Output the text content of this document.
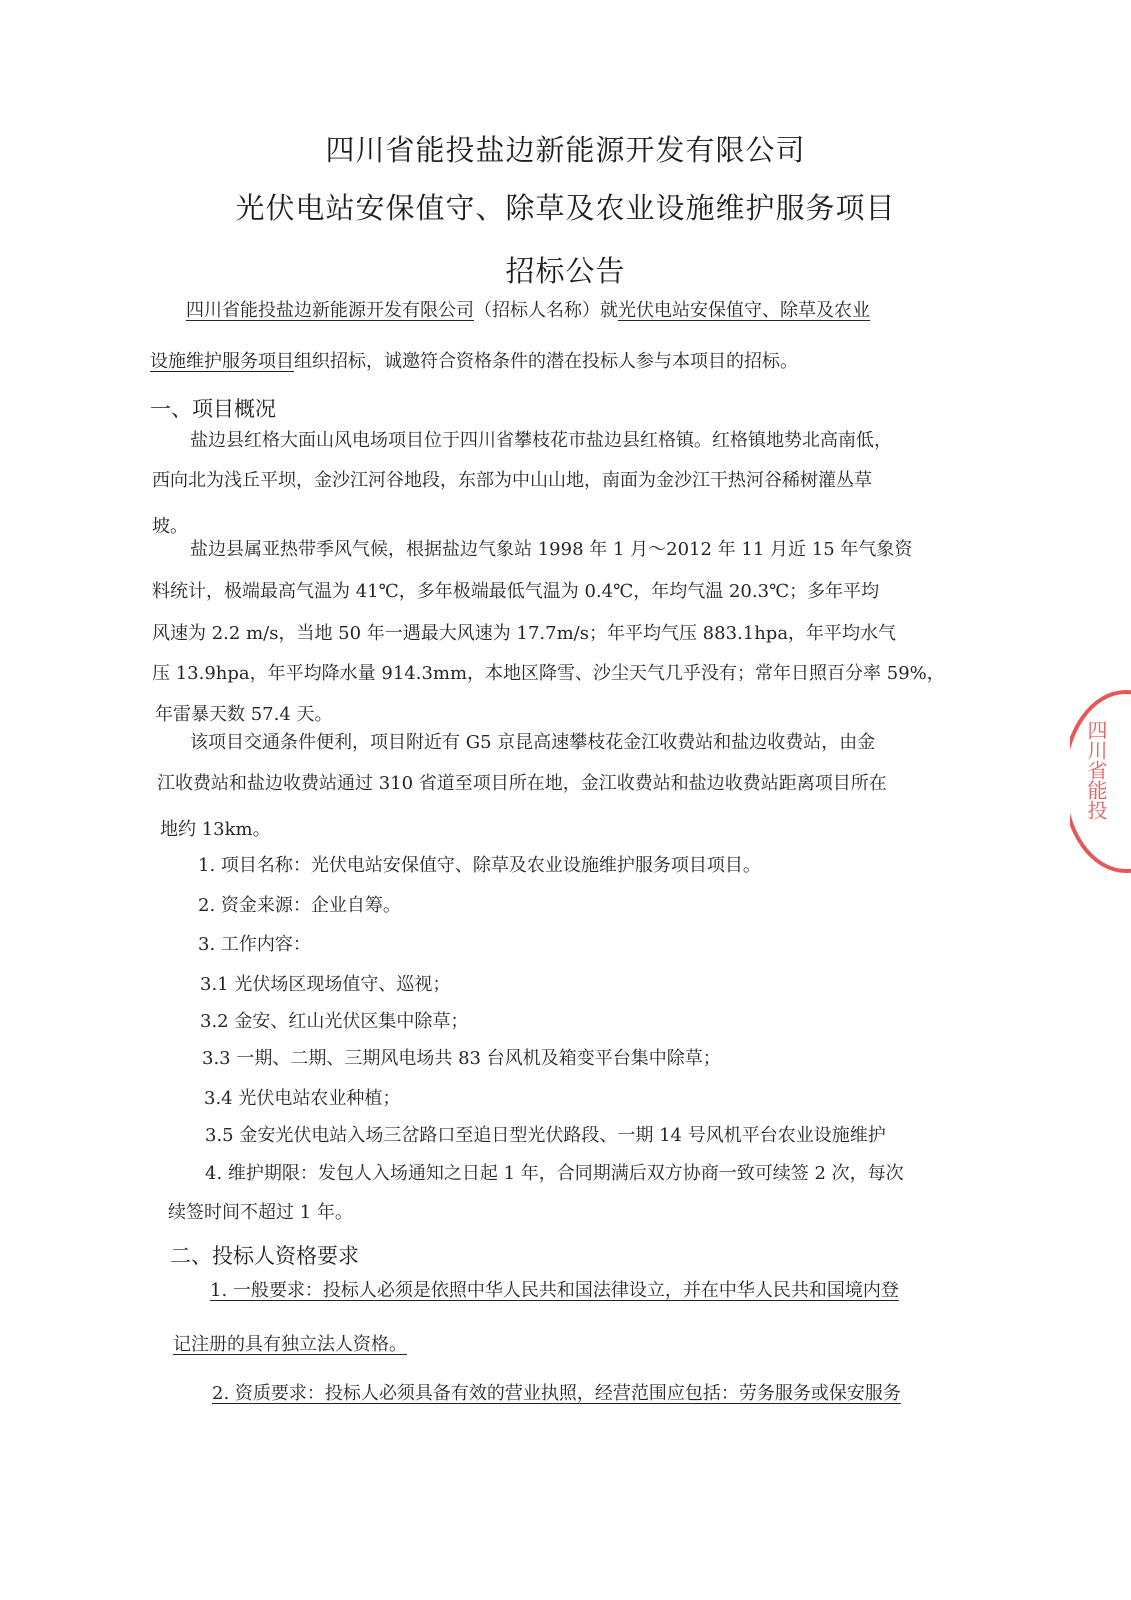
四川省能投盐边新能源开发有限公司
光伏电站安保值守、除草及农业设施维护服务项目
招标公告
四川省能投盐边新能源开发有限公司（招标人名称）就光伏电站安保值守、除草及农业
设施维护服务项目组织招标，诚邀符合资格条件的潜在投标人参与本项目的招标。
一、项目概况
盐边县红格大面山风电场项目位于四川省攀枝花市盐边县红格镇。红格镇地势北高南低，
西向北为浅丘平坝，金沙江河谷地段，东部为中山山地，南面为金沙江干热河谷稀树灌丛草
坡。
盐边县属亚热带季风气候，根据盐边气象站 1998 年 1 月～2012 年 11 月近 15 年气象资
料统计，极端最高气温为 41℃，多年极端最低气温为 0.4℃，年均气温 20.3℃；多年平均
风速为 2.2 m/s，当地 50 年一遇最大风速为 17.7m/s；年平均气压 883.1hpa，年平均水气
压 13.9hpa，年平均降水量 914.3mm，本地区降雪、沙尘天气几乎没有；常年日照百分率 59%，
年雷暴天数 57.4 天。
该项目交通条件便利，项目附近有 G5 京昆高速攀枝花金江收费站和盐边收费站，由金
江收费站和盐边收费站通过 310 省道至项目所在地，金江收费站和盐边收费站距离项目所在
地约 13km。
1. 项目名称：光伏电站安保值守、除草及农业设施维护服务项目项目。
2. 资金来源：企业自筹。
3. 工作内容：
3.1 光伏场区现场值守、巡视；
3.2 金安、红山光伏区集中除草；
3.3 一期、二期、三期风电场共 83 台风机及箱变平台集中除草；
3.4 光伏电站农业种植；
3.5 金安光伏电站入场三岔路口至追日型光伏路段、一期 14 号风机平台农业设施维护
4. 维护期限：发包人入场通知之日起 1 年，合同期满后双方协商一致可续签 2 次，每次
续签时间不超过 1 年。
二、投标人资格要求
1. 一般要求：投标人必须是依照中华人民共和国法律设立，并在中华人民共和国境内登
记注册的具有独立法人资格。
2. 资质要求：投标人必须具备有效的营业执照，经营范围应包括：劳务服务或保安服务
四川省能投
